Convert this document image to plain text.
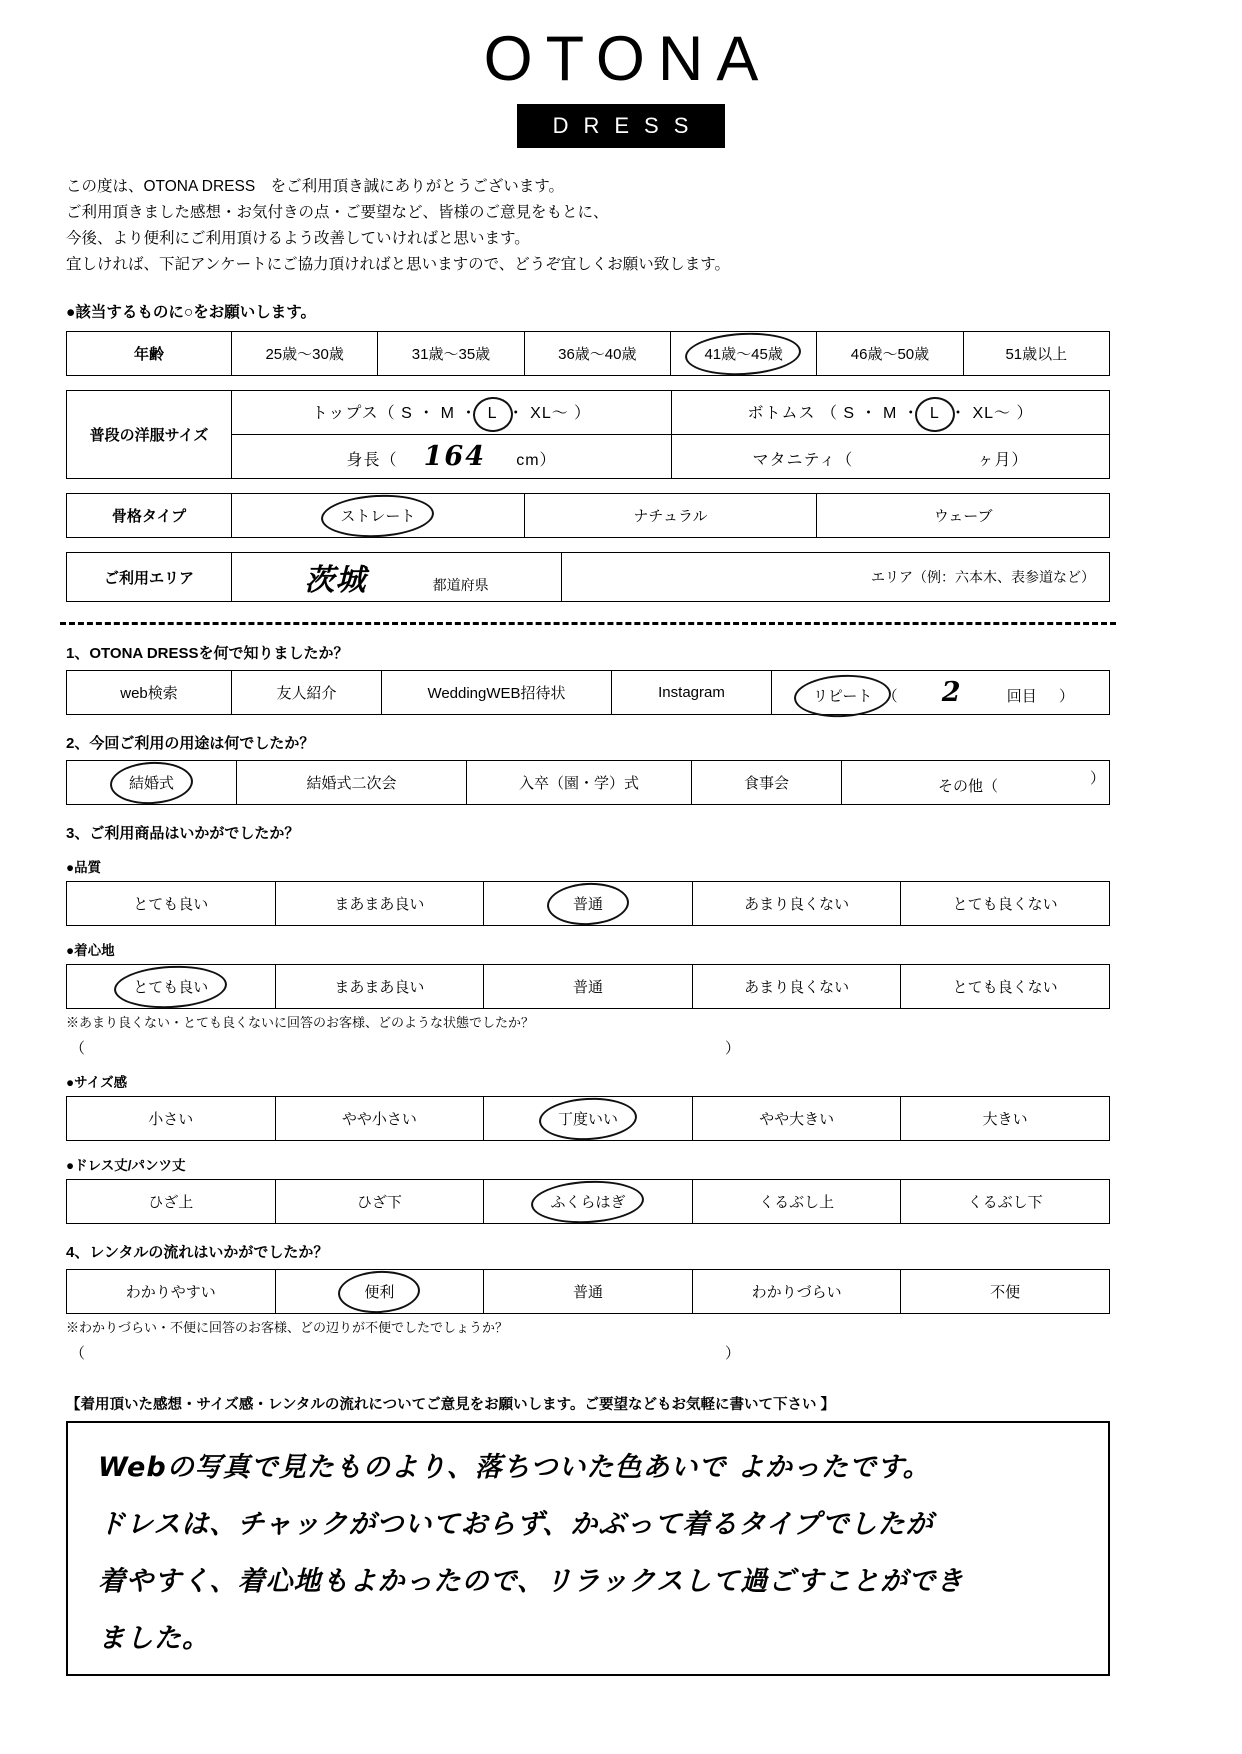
OTONA
DRESS
この度は、OTONA DRESS　をご利用頂き誠にありがとうございます。
ご利用頂きました感想・お気付きの点・ご要望など、皆様のご意見をもとに、
今後、より便利にご利用頂けるよう改善していければと思います。
宜しければ、下記アンケートにご協力頂ければと思いますので、どうぞ宜しくお願い致します。
●該当するものに○をお願いします。
年齢	25歳〜30歳	31歳〜35歳	36歳〜40歳	41歳〜45歳	46歳〜50歳	51歳以上
普段の洋服サイズ	トップス（ S ・ M ・ L ・ XL〜 ）	ボトムス （ S ・ M ・ L ・ XL〜 ）
	身長（ 164 cm）	マタニティ（ ヶ月）
骨格タイプ	ストレート	ナチュラル	ウェーブ
ご利用エリア	茨城	都道府県	エリア（例：六本木、表参道など）
1、OTONA DRESSを何で知りましたか？
web検索	友人紹介	WeddingWEB招待状	Instagram	リピート （ 2	回目 ）
2、今回ご利用の用途は何でしたか？
結婚式	結婚式二次会	入卒（園・学）式	食事会	その他（	）
3、ご利用商品はいかがでしたか？
●品質
とても良い	まあまあ良い	普通	あまり良くない	とても良くない
●着心地
とても良い	まあまあ良い	普通	あまり良くない	とても良くない
※あまり良くない・とても良くないに回答のお客様、どのような状態でしたか？
（	）
●サイズ感
小さい	やや小さい	丁度いい	やや大きい	大きい
●ドレス丈/パンツ丈
ひざ上	ひざ下	ふくらはぎ	くるぶし上	くるぶし下
4、レンタルの流れはいかがでしたか？
わかりやすい	便利	普通	わかりづらい	不便
※わかりづらい・不便に回答のお客様、どの辺りが不便でしたでしょうか？
（	）
【着用頂いた感想・サイズ感・レンタルの流れについてご意見をお願いします。ご要望などもお気軽に書いて下さい 】
Webの写真で見たものより、落ちついた色あいで よかったです。
ドレスは、チャックがついておらず、かぶって着るタイプでしたが
着やすく、着心地もよかったので、リラックスして過ごすことができ
ました。
